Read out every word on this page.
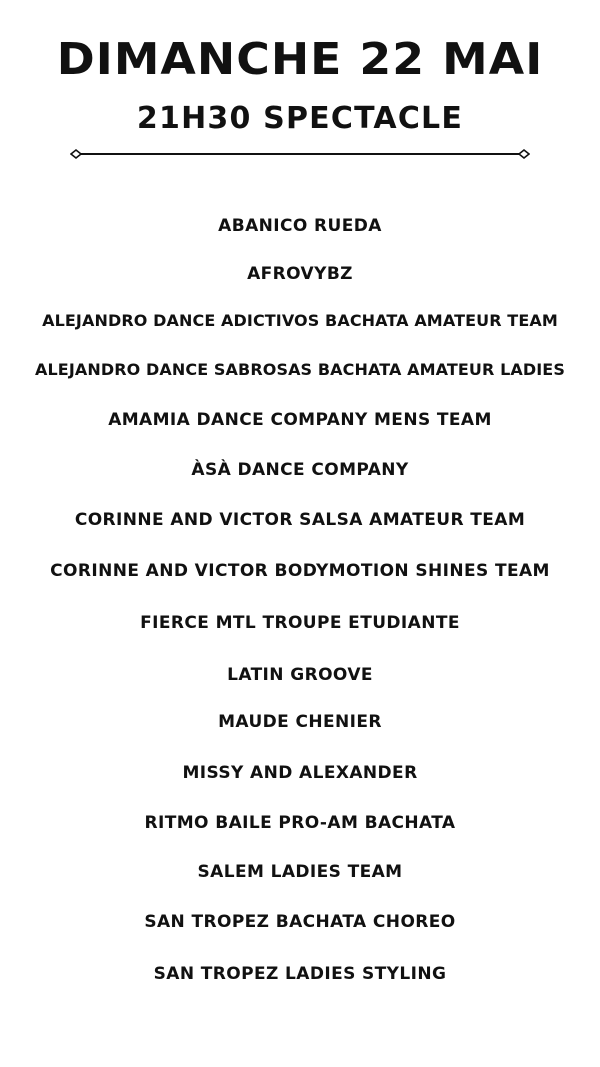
DIMANCHE 22 MAI
21H30 SPECTACLE
ABANICO RUEDA
AFROVYBZ
ALEJANDRO DANCE ADICTIVOS BACHATA AMATEUR TEAM
ALEJANDRO DANCE SABROSAS BACHATA AMATEUR LADIES
AMAMIA DANCE COMPANY MENS TEAM
ÀSÀ DANCE COMPANY
CORINNE AND VICTOR SALSA AMATEUR TEAM
CORINNE AND VICTOR BODYMOTION SHINES TEAM
FIERCE MTL TROUPE ETUDIANTE
LATIN GROOVE
MAUDE CHENIER
MISSY AND ALEXANDER
RITMO BAILE PRO-AM BACHATA
SALEM LADIES TEAM
SAN TROPEZ BACHATA CHOREO
SAN TROPEZ LADIES STYLING
